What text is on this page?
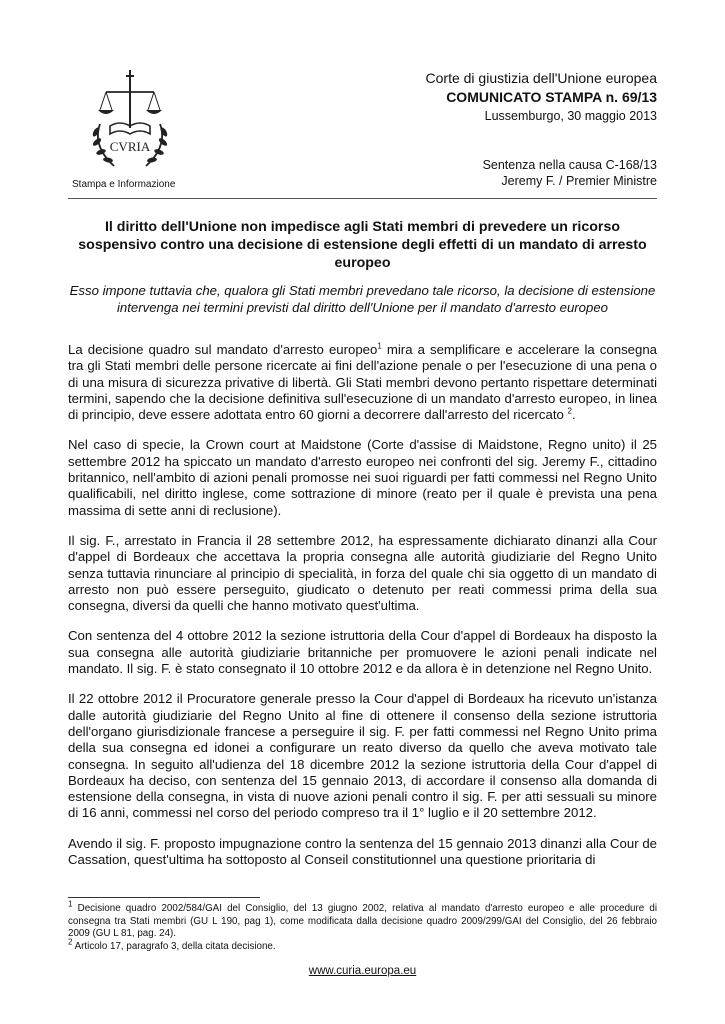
CVRIA
Stampa e Informazione
Corte di giustizia dell'Unione europea
COMUNICATO STAMPA n. 69/13
Lussemburgo, 30 maggio 2013
Sentenza nella causa C-168/13
Jeremy F. / Premier Ministre
Il diritto dell'Unione non impedisce agli Stati membri di prevedere un ricorso sospensivo contro una decisione di estensione degli effetti di un mandato di arresto europeo
Esso impone tuttavia che, qualora gli Stati membri prevedano tale ricorso, la decisione di estensione intervenga nei termini previsti dal diritto dell'Unione per il mandato d'arresto europeo

La decisione quadro sul mandato d'arresto europeo$^1$ mira a semplificare e accelerare la consegna tra gli Stati membri delle persone ricercate ai fini dell'azione penale o per l'esecuzione di una pena o di una misura di sicurezza privative di libertà. Gli Stati membri devono pertanto rispettare determinati termini, sapendo che la decisione definitiva sull'esecuzione di un mandato d'arresto europeo, in linea di principio, deve essere adottata entro 60 giorni a decorrere dall'arresto del ricercato $^2$.

Nel caso di specie, la Crown court at Maidstone (Corte d'assise di Maidstone, Regno unito) il 25 settembre 2012 ha spiccato un mandato d'arresto europeo nei confronti del sig. Jeremy F., cittadino britannico, nell'ambito di azioni penali promosse nei suoi riguardi per fatti commessi nel Regno Unito qualificabili, nel diritto inglese, come sottrazione di minore (reato per il quale è prevista una pena massima di sette anni di reclusione).

Il sig. F., arrestato in Francia il 28 settembre 2012, ha espressamente dichiarato dinanzi alla Cour d'appel di Bordeaux che accettava la propria consegna alle autorità giudiziarie del Regno Unito senza tuttavia rinunciare al principio di specialità, in forza del quale chi sia oggetto di un mandato di arresto non può essere perseguito, giudicato o detenuto per reati commessi prima della sua consegna, diversi da quelli che hanno motivato quest'ultima.

Con sentenza del 4 ottobre 2012 la sezione istruttoria della Cour d'appel di Bordeaux ha disposto la sua consegna alle autorità giudiziarie britanniche per promuovere le azioni penali indicate nel mandato. Il sig. F. è stato consegnato il 10 ottobre 2012 e da allora è in detenzione nel Regno Unito.

Il 22 ottobre 2012 il Procuratore generale presso la Cour d'appel di Bordeaux ha ricevuto un'istanza dalle autorità giudiziarie del Regno Unito al fine di ottenere il consenso della sezione istruttoria dell'organo giurisdizionale francese a perseguire il sig. F. per fatti commessi nel Regno Unito prima della sua consegna ed idonei a configurare un reato diverso da quello che aveva motivato tale consegna. In seguito all'udienza del 18 dicembre 2012 la sezione istruttoria della Cour d'appel di Bordeaux ha deciso, con sentenza del 15 gennaio 2013, di accordare il consenso alla domanda di estensione della consegna, in vista di nuove azioni penali contro il sig. F. per atti sessuali su minore di 16 anni, commessi nel corso del periodo compreso tra il 1° luglio e il 20 settembre 2012.

Avendo il sig. F. proposto impugnazione contro la sentenza del 15 gennaio 2013 dinanzi alla Cour de Cassation, quest'ultima ha sottoposto al Conseil constitutionnel una questione prioritaria di

$^1$ Decisione quadro 2002/584/GAI del Consiglio, del 13 giugno 2002, relativa al mandato d'arresto europeo e alle procedure di consegna tra Stati membri (GU L 190, pag 1), come modificata dalla decisione quadro 2009/299/GAI del Consiglio, del 26 febbraio 2009 (GU L 81, pag. 24).

$^2$ Articolo 17, paragrafo 3, della citata decisione.

www.curia.europa.eu
